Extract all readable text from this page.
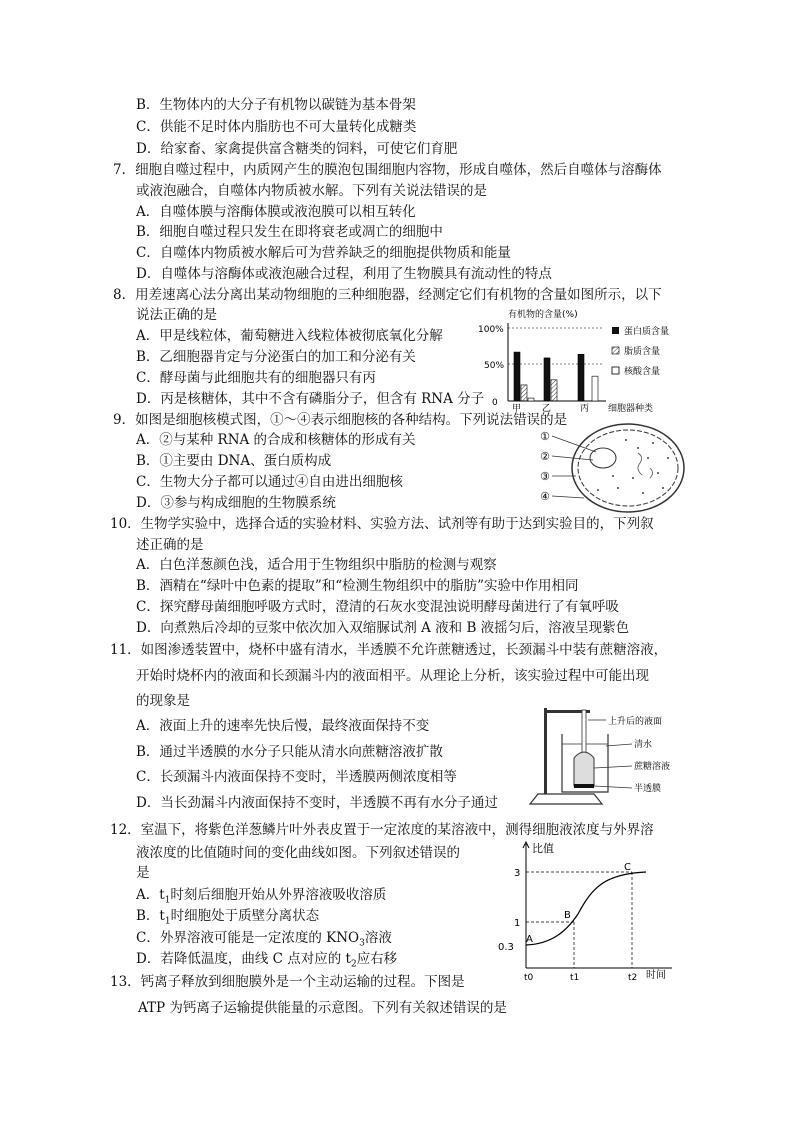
B．生物体内的大分子有机物以碳链为基本骨架
C．供能不足时体内脂肪也不可大量转化成糖类
D．给家畜、家禽提供富含糖类的饲料，可使它们育肥
7．细胞自噬过程中，内质网产生的膜泡包围细胞内容物，形成自噬体，然后自噬体与溶酶体
或液泡融合，自噬体内物质被水解。下列有关说法错误的是
A．自噬体膜与溶酶体膜或液泡膜可以相互转化
B．细胞自噬过程只发生在即将衰老或凋亡的细胞中
C．自噬体内物质被水解后可为营养缺乏的细胞提供物质和能量
D．自噬体与溶酶体或液泡融合过程，利用了生物膜具有流动性的特点
8．用差速离心法分离出某动物细胞的三种细胞器，经测定它们有机物的含量如图所示，以下
说法正确的是
A．甲是线粒体，葡萄糖进入线粒体被彻底氧化分解
B．乙细胞器肯定与分泌蛋白的加工和分泌有关
C．酵母菌与此细胞共有的细胞器只有丙
D．丙是核糖体，其中不含有磷脂分子，但含有 RNA 分子
有机物的含量(%)
100%
50%
0
甲 乙	丙 细胞器种类
蛋白质含量
脂质含量
核酸含量
9．如图是细胞核模式图，①～④表示细胞核的各种结构。下列说法错误的是
A．②与某种 RNA 的合成和核糖体的形成有关
B．①主要由 DNA、蛋白质构成
C．生物大分子都可以通过④自由进出细胞核
D．③参与构成细胞的生物膜系统
①
②
③
④
10．生物学实验中，选择合适的实验材料、实验方法、试剂等有助于达到实验目的，下列叙
述正确的是
A．白色洋葱颜色浅，适合用于生物组织中脂肪的检测与观察
B．酒精在“绿叶中色素的提取”和“检测生物组织中的脂肪”实验中作用相同
C．探究酵母菌细胞呼吸方式时，澄清的石灰水变混浊说明酵母菌进行了有氧呼吸
D．向煮熟后冷却的豆浆中依次加入双缩脲试剂 A 液和 B 液摇匀后，溶液呈现紫色
11．如图渗透装置中，烧杯中盛有清水，半透膜不允许蔗糖透过，长颈漏斗中装有蔗糖溶液，
开始时烧杯内的液面和长颈漏斗内的液面相平。从理论上分析，该实验过程中可能出现
的现象是
A．液面上升的速率先快后慢，最终液面保持不变
B．通过半透膜的水分子只能从清水向蔗糖溶液扩散
C．长颈漏斗内液面保持不变时，半透膜两侧浓度相等
D．当长劲漏斗内液面保持不变时，半透膜不再有水分子通过
上升后的液面
清水
蔗糖溶液
半透膜
12．室温下，将紫色洋葱鳞片叶外表皮置于一定浓度的某溶液中，测得细胞液浓度与外界溶
液浓度的比值随时间的变化曲线如图。下列叙述错误的
是
A．$t_1$时刻后细胞开始从外界溶液吸收溶质
B．$t_1$时细胞处于质壁分离状态
C．外界溶液可能是一定浓度的 $KNO_3$溶液
D．若降低温度，曲线 C 点对应的 $t_2$应右移
比值
时间
3
1
0.3
t0	t1	t2
A
B
C
13．钙离子释放到细胞膜外是一个主动运输的过程。下图是
ATP 为钙离子运输提供能量的示意图。下列有关叙述错误的是
